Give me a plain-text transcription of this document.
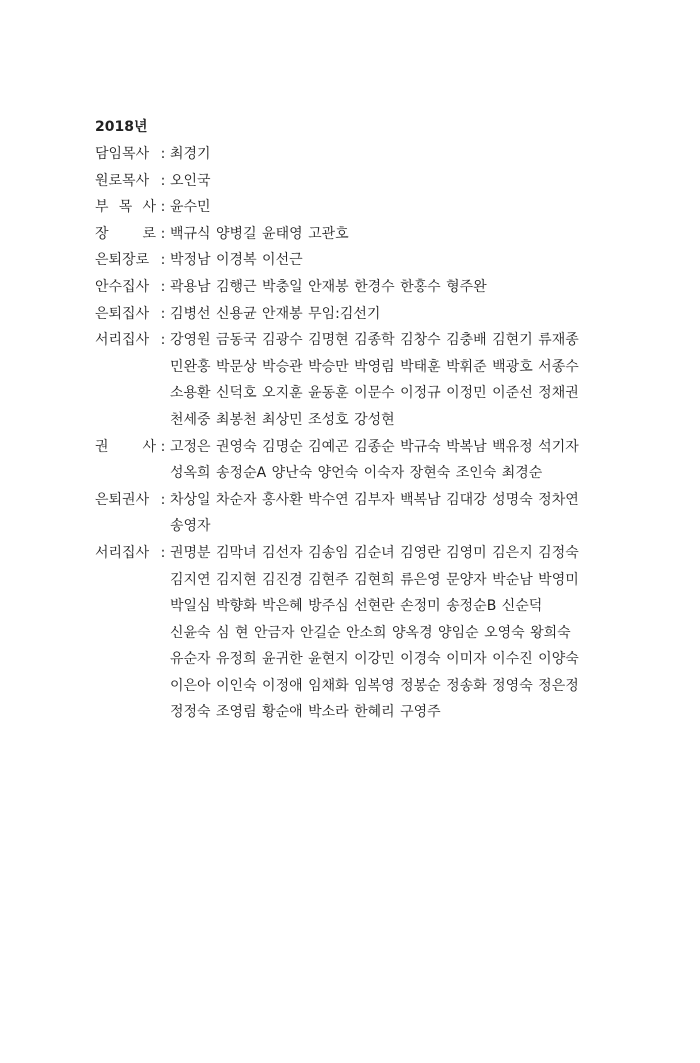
2018년
담임목사 : 최경기
원로목사 : 오인국
부 목 사 : 윤수민
장 로 : 백규식 양병길 윤태영 고관호
은퇴장로 : 박정남 이경복 이선근
안수집사 : 곽용남 김행근 박충일 안재봉 한경수 한홍수 형주완
은퇴집사 : 김병선 신용균 안재봉 무임:김선기
서리집사 : 강영원 금동국 김광수 김명현 김종학 김창수 김충배 김현기 류재종
민완홍 박문상 박승관 박승만 박영림 박태훈 박휘준 백광호 서종수
소용환 신덕호 오지훈 윤동훈 이문수 이정규 이정민 이준선 정채권
천세중 최봉천 최상민 조성호 강성현
권 사 : 고정은 권영숙 김명순 김예곤 김종순 박규숙 박복남 백유정 석기자
성옥희 송정순A 양난숙 양언숙 이숙자 장현숙 조인숙 최경순
은퇴권사 : 차상일 차순자 홍사환 박수연 김부자 백복남 김대강 성명숙 정차연
송영자
서리집사 : 권명분 김막녀 김선자 김송임 김순녀 김영란 김영미 김은지 김정숙
김지연 김지현 김진경 김현주 김현희 류은영 문양자 박순남 박영미
박일심 박향화 박은혜 방주심 선현란 손정미 송정순B 신순덕
신윤숙 심 현 안금자 안길순 안소희 양옥경 양임순 오영숙 왕희숙
유순자 유정희 윤귀한 윤현지 이강민 이경숙 이미자 이수진 이양숙
이은아 이인숙 이정애 임채화 임복영 정봉순 정송화 정영숙 정은정
정정숙 조영림 황순애 박소라 한혜리 구영주
